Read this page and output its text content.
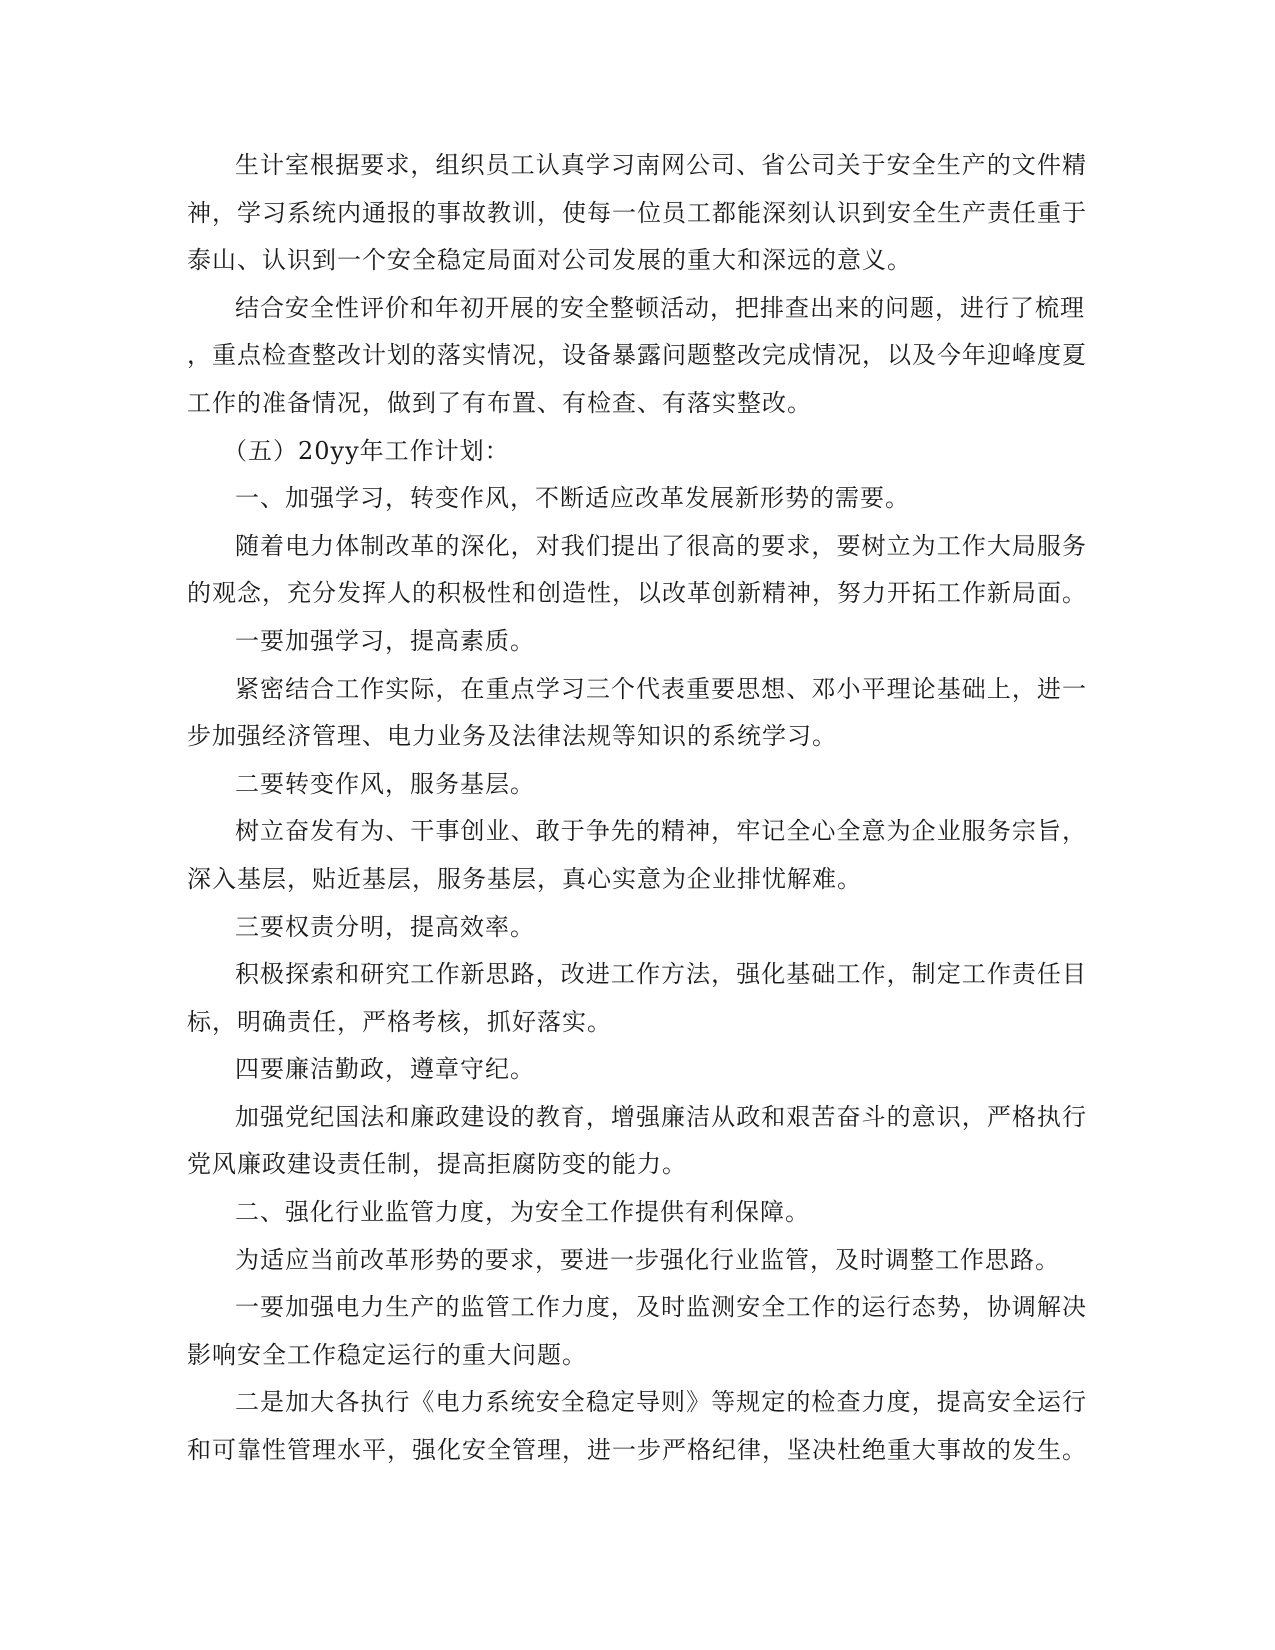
生计室根据要求，组织员工认真学习南网公司、省公司关于安全生产的文件精神，学习系统内通报的事故教训，使每一位员工都能深刻认识到安全生产责任重于泰山、认识到一个安全稳定局面对公司发展的重大和深远的意义。

结合安全性评价和年初开展的安全整顿活动，把排查出来的问题，进行了梳理

，重点检查整改计划的落实情况，设备暴露问题整改完成情况，以及今年迎峰度夏工作的准备情况，做到了有布置、有检查、有落实整改。

（五）20yy年工作计划：

一、加强学习，转变作风，不断适应改革发展新形势的需要。

随着电力体制改革的深化，对我们提出了很高的要求，要树立为工作大局服务的观念，充分发挥人的积极性和创造性，以改革创新精神，努力开拓工作新局面。

一要加强学习，提高素质。

紧密结合工作实际，在重点学习三个代表重要思想、邓小平理论基础上，进一步加强经济管理、电力业务及法律法规等知识的系统学习。

二要转变作风，服务基层。

树立奋发有为、干事创业、敢于争先的精神，牢记全心全意为企业服务宗旨，深入基层，贴近基层，服务基层，真心实意为企业排忧解难。

三要权责分明，提高效率。

积极探索和研究工作新思路，改进工作方法，强化基础工作，制定工作责任目标，明确责任，严格考核，抓好落实。

四要廉洁勤政，遵章守纪。

加强党纪国法和廉政建设的教育，增强廉洁从政和艰苦奋斗的意识，严格执行党风廉政建设责任制，提高拒腐防变的能力。

二、强化行业监管力度，为安全工作提供有利保障。

为适应当前改革形势的要求，要进一步强化行业监管，及时调整工作思路。

一要加强电力生产的监管工作力度，及时监测安全工作的运行态势，协调解决影响安全工作稳定运行的重大问题。

二是加大各执行《电力系统安全稳定导则》等规定的检查力度，提高安全运行和可靠性管理水平，强化安全管理，进一步严格纪律，坚决杜绝重大事故的发生。
